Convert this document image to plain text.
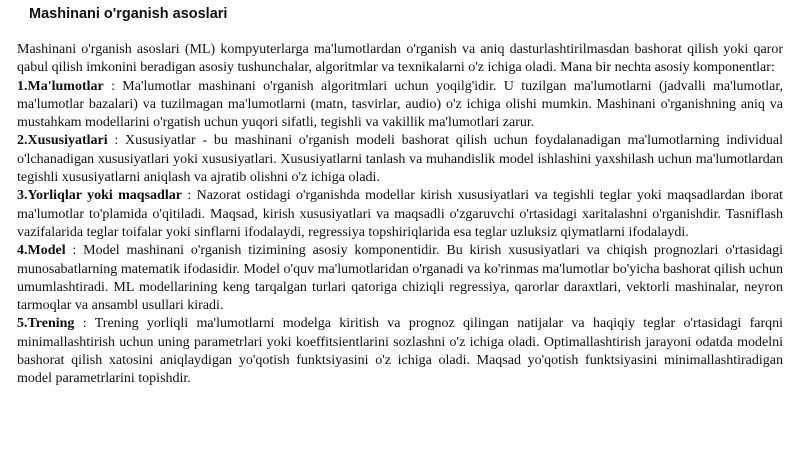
Mashinani o'rganish asoslari

Mashinani o'rganish asoslari (ML) kompyuterlarga ma'lumotlardan o'rganish va aniq dasturlashtirilmasdan bashorat qilish yoki qaror qabul qilish imkonini beradigan asosiy tushunchalar, algoritmlar va texnikalarni o'z ichiga oladi. Mana bir nechta asosiy komponentlar:

1.Ma'lumotlar : Ma'lumotlar mashinani o'rganish algoritmlari uchun yoqilg'idir. U tuzilgan ma'lumotlarni (jadvalli ma'lumotlar, ma'lumotlar bazalari) va tuzilmagan ma'lumotlarni (matn, tasvirlar, audio) o'z ichiga olishi mumkin. Mashinani o'rganishning aniq va mustahkam modellarini o'rgatish uchun yuqori sifatli, tegishli va vakillik ma'lumotlari zarur.

2.Xususiyatlari : Xususiyatlar - bu mashinani o'rganish modeli bashorat qilish uchun foydalanadigan ma'lumotlarning individual o'lchanadigan xususiyatlari yoki xususiyatlari. Xususiyatlarni tanlash va muhandislik model ishlashini yaxshilash uchun ma'lumotlardan tegishli xususiyatlarni aniqlash va ajratib olishni o'z ichiga oladi.

3.Yorliqlar yoki maqsadlar : Nazorat ostidagi o'rganishda modellar kirish xususiyatlari va tegishli teglar yoki maqsadlardan iborat ma'lumotlar to'plamida o'qitiladi. Maqsad, kirish xususiyatlari va maqsadli o'zgaruvchi o'rtasidagi xaritalashni o'rganishdir. Tasniflash vazifalarida teglar toifalar yoki sinflarni ifodalaydi, regressiya topshiriqlarida esa teglar uzluksiz qiymatlarni ifodalaydi.

4.Model : Model mashinani o'rganish tizimining asosiy komponentidir. Bu kirish xususiyatlari va chiqish prognozlari o'rtasidagi munosabatlarning matematik ifodasidir. Model o'quv ma'lumotlaridan o'rganadi va ko'rinmas ma'lumotlar bo'yicha bashorat qilish uchun umumlashtiradi. ML modellarining keng tarqalgan turlari qatoriga chiziqli regressiya, qarorlar daraxtlari, vektorli mashinalar, neyron tarmoqlar va ansambl usullari kiradi.

5.Trening : Trening yorliqli ma'lumotlarni modelga kiritish va prognoz qilingan natijalar va haqiqiy teglar o'rtasidagi farqni minimallashtirish uchun uning parametrlari yoki koeffitsientlarini sozlashni o'z ichiga oladi. Optimallashtirish jarayoni odatda modelni bashorat qilish xatosini aniqlaydigan yo'qotish funktsiyasini o'z ichiga oladi. Maqsad yo'qotish funktsiyasini minimallashtiradigan model parametrlarini topishdir.
